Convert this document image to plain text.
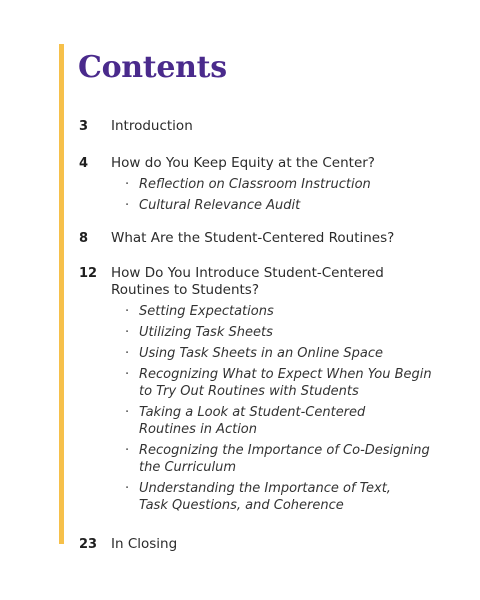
Contents
3	Introduction
4	How do You Keep Equity at the Center?
· Reflection on Classroom Instruction
· Cultural Relevance Audit
8	What Are the Student-Centered Routines?
12	How Do You Introduce Student-Centered
Routines to Students?
· Setting Expectations
· Utilizing Task Sheets
· Using Task Sheets in an Online Space
· Recognizing What to Expect When You Begin
to Try Out Routines with Students
· Taking a Look at Student-Centered
Routines in Action
· Recognizing the Importance of Co-Designing
the Curriculum
· Understanding the Importance of Text,
Task Questions, and Coherence
23	In Closing
